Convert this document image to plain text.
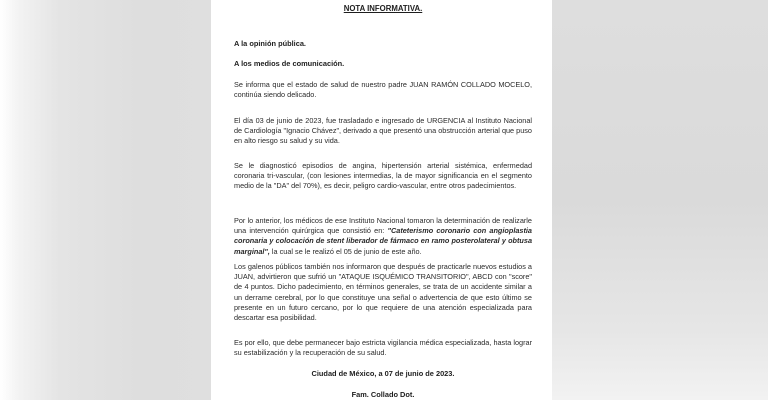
NOTA INFORMATIVA.
A la opinión pública.
A los medios de comunicación.
Se informa que el estado de salud de nuestro padre JUAN RAMÓN COLLADO MOCELO, continúa siendo delicado.
El día 03 de junio de 2023, fue trasladado e ingresado de URGENCIA al Instituto Nacional de Cardiología "Ignacio Chávez", derivado a que presentó una obstrucción arterial que puso en alto riesgo su salud y su vida.
Se le diagnosticó episodios de angina, hipertensión arterial sistémica, enfermedad coronaria tri-vascular, (con lesiones intermedias, la de mayor significancia en el segmento medio de la "DA" del 70%), es decir, peligro cardio-vascular, entre otros padecimientos.
Por lo anterior, los médicos de ese Instituto Nacional tomaron la determinación de realizarle una intervención quirúrgica que consistió en: "Cateterismo coronario con angioplastia coronaria y colocación de stent liberador de fármaco en ramo posterolateral y obtusa marginal", la cual se le realizó el 05 de junio de este año.
Los galenos públicos también nos informaron que después de practicarle nuevos estudios a JUAN, advirtieron que sufrió un "ATAQUE ISQUÉMICO TRANSITORIO", ABCD con "score" de 4 puntos. Dicho padecimiento, en términos generales, se trata de un accidente similar a un derrame cerebral, por lo que constituye una señal o advertencia de que esto último se presente en un futuro cercano, por lo que requiere de una atención especializada para descartar esa posibilidad.
Es por ello, que debe permanecer bajo estricta vigilancia médica especializada, hasta lograr su estabilización y la recuperación de su salud.
Ciudad de México, a 07 de junio de 2023.
Fam. Collado Dot.
